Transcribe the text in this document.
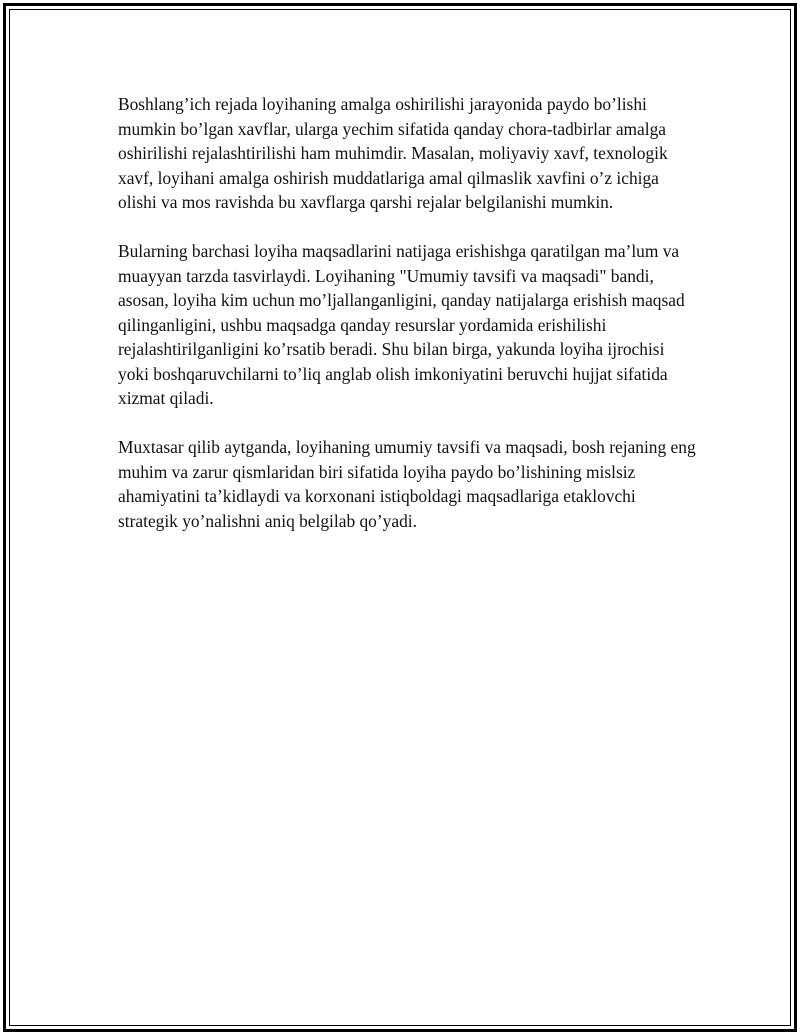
Boshlang’ich rejada loyihaning amalga oshirilishi jarayonida paydo bo’lishi mumkin bo’lgan xavflar, ularga yechim sifatida qanday chora-tadbirlar amalga oshirilishi rejalashtirilishi ham muhimdir. Masalan, moliyaviy xavf, texnologik xavf, loyihani amalga oshirish muddatlariga amal qilmaslik xavfini o’z ichiga olishi va mos ravishda bu xavflarga qarshi rejalar belgilanishi mumkin.

Bularning barchasi loyiha maqsadlarini natijaga erishishga qaratilgan ma’lum va muayyan tarzda tasvirlaydi. Loyihaning "Umumiy tavsifi va maqsadi" bandi, asosan, loyiha kim uchun mo’ljallanganligini, qanday natijalarga erishish maqsad qilinganligini, ushbu maqsadga qanday resurslar yordamida erishilishi rejalashtirilganligini ko’rsatib beradi. Shu bilan birga, yakunda loyiha ijrochisi yoki boshqaruvchilarni to’liq anglab olish imkoniyatini beruvchi hujjat sifatida xizmat qiladi.

Muxtasar qilib aytganda, loyihaning umumiy tavsifi va maqsadi, bosh rejaning eng muhim va zarur qismlaridan biri sifatida loyiha paydo bo’lishining mislsiz ahamiyatini ta’kidlaydi va korxonani istiqboldagi maqsadlariga etaklovchi strategik yo’nalishni aniq belgilab qo’yadi.
